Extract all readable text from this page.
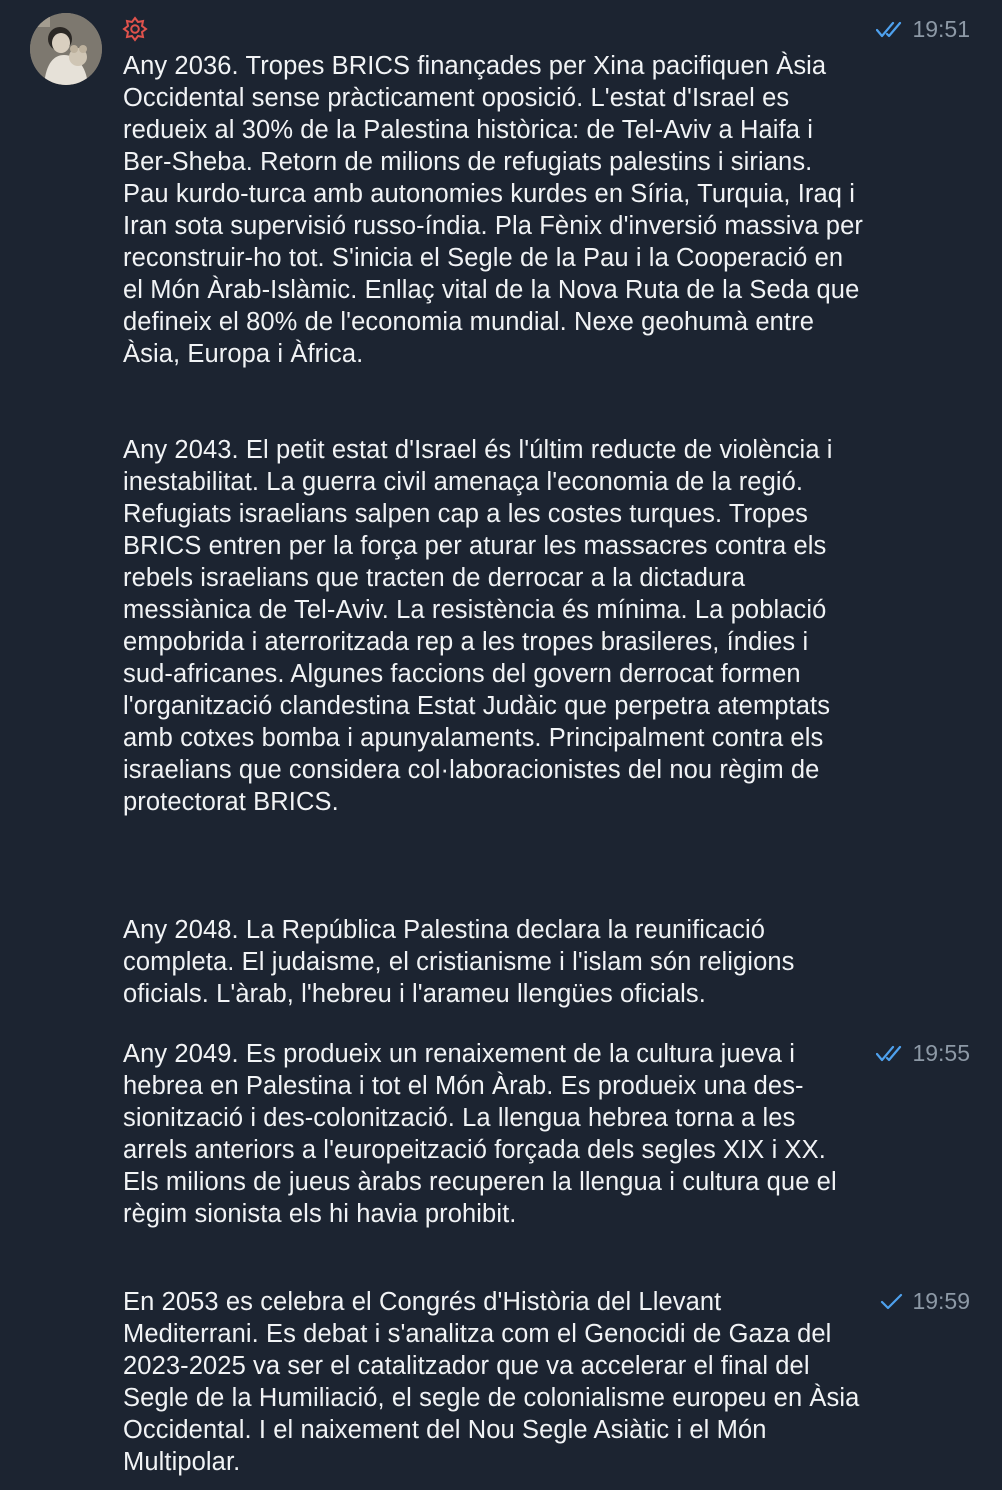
Any 2036. Tropes BRICS finançades per Xina pacifiquen Àsia Occidental sense pràcticament oposició. L'estat d'Israel es redueix al 30% de la Palestina històrica: de Tel-Aviv a Haifa i Ber-Sheba. Retorn de milions de refugiats palestins i sirians. Pau kurdo-turca amb autonomies kurdes en Síria, Turquia, Iraq i Iran sota supervisió russo-índia. Pla Fènix d'inversió massiva per reconstruir-ho tot. S'inicia el Segle de la Pau i la Cooperació en el Món Àrab-Islàmic. Enllaç vital de la Nova Ruta de la Seda que defineix el 80% de l'economia mundial. Nexe geohumà entre Àsia, Europa i Àfrica.

19:51

Any 2043. El petit estat d'Israel és l'últim reducte de violència i inestabilitat. La guerra civil amenaça l'economia de la regió. Refugiats israelians salpen cap a les costes turques. Tropes BRICS entren per la força per aturar les massacres contra els rebels israelians que tracten de derrocar a la dictadura messiànica de Tel-Aviv. La resistència és mínima. La població empobrida i aterroritzada rep a les tropes brasileres, índies i sud-africanes. Algunes faccions del govern derrocat formen l'organització clandestina Estat Judàic que perpetra atemptats amb cotxes bomba i apunyalaments. Principalment contra els israelians que considera col·laboracionistes del nou règim de protectorat BRICS.

Any 2048. La República Palestina declara la reunificació completa. El judaisme, el cristianisme i l'islam són religions oficials. L'àrab, l'hebreu i l'arameu llengües oficials.

Any 2049. Es produeix un renaixement de la cultura jueva i hebrea en Palestina i tot el Món Àrab. Es produeix una des-sionització i des-colonització. La llengua hebrea torna a les arrels anteriors a l'europeització forçada dels segles XIX i XX. Els milions de jueus àrabs recuperen la llengua i cultura que el règim sionista els hi havia prohibit.

19:55

En 2053 es celebra el Congrés d'Història del Llevant Mediterrani. Es debat i s'analitza com el Genocidi de Gaza del 2023-2025 va ser el catalitzador que va accelerar el final del Segle de la Humiliació, el segle de colonialisme europeu en Àsia Occidental. I el naixement del Nou Segle Asiàtic i el Món Multipolar.

19:59
